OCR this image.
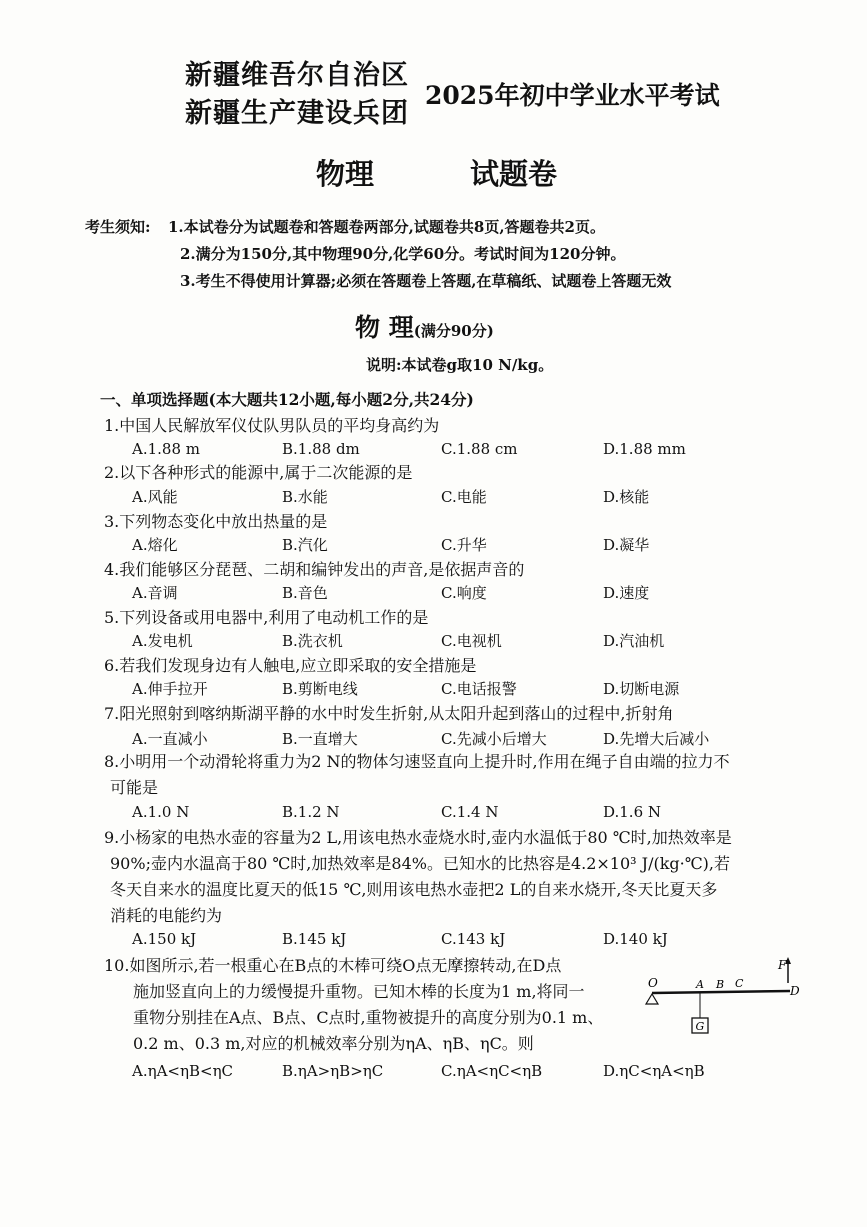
新疆维吾尔自治区
新疆生产建设兵团
2025年初中学业水平考试
物理	试题卷
考生须知: 1.本试卷分为试题卷和答题卷两部分,试题卷共8页,答题卷共2页。
2.满分为150分,其中物理90分,化学60分。考试时间为120分钟。
3.考生不得使用计算器;必须在答题卷上答题,在草稿纸、试题卷上答题无效
物 理(满分90分)
说明:本试卷g取10 N/kg。
一、单项选择题(本大题共12小题,每小题2分,共24分)
1.中国人民解放军仪仗队男队员的平均身高约为
A.1.88 m	B.1.88 dm	C.1.88 cm	D.1.88 mm
2.以下各种形式的能源中,属于二次能源的是
A.风能	B.水能	C.电能	D.核能
3.下列物态变化中放出热量的是
A.熔化	B.汽化	C.升华	D.凝华
4.我们能够区分琵琶、二胡和编钟发出的声音,是依据声音的
A.音调	B.音色	C.响度	D.速度
5.下列设备或用电器中,利用了电动机工作的是
A.发电机	B.洗衣机	C.电视机	D.汽油机
6.若我们发现身边有人触电,应立即采取的安全措施是
A.伸手拉开	B.剪断电线	C.电话报警	D.切断电源
7.阳光照射到喀纳斯湖平静的水中时发生折射,从太阳升起到落山的过程中,折射角
A.一直减小	B.一直增大	C.先减小后增大	D.先增大后减小
8.小明用一个动滑轮将重力为2 N的物体匀速竖直向上提升时,作用在绳子自由端的拉力不
可能是
A.1.0 N	B.1.2 N	C.1.4 N	D.1.6 N
9.小杨家的电热水壶的容量为2 L,用该电热水壶烧水时,壶内水温低于80 ℃时,加热效率是
90%;壶内水温高于80 ℃时,加热效率是84%。已知水的比热容是4.2×10³ J/(kg·℃),若
冬天自来水的温度比夏天的低15 ℃,则用该电热水壶把2 L的自来水烧开,冬天比夏天多
消耗的电能约为
A.150 kJ	B.145 kJ	C.143 kJ	D.140 kJ
10.如图所示,若一根重心在B点的木棒可绕O点无摩擦转动,在D点
施加竖直向上的力缓慢提升重物。已知木棒的长度为1 m,将同一
重物分别挂在A点、B点、C点时,重物被提升的高度分别为0.1 m、
0.2 m、0.3 m,对应的机械效率分别为ηA、ηB、ηC。则
A.ηA<ηB<ηC	B.ηA>ηB>ηC	C.ηA<ηC<ηB	D.ηC<ηA<ηB
F
O	A B C
D
G
